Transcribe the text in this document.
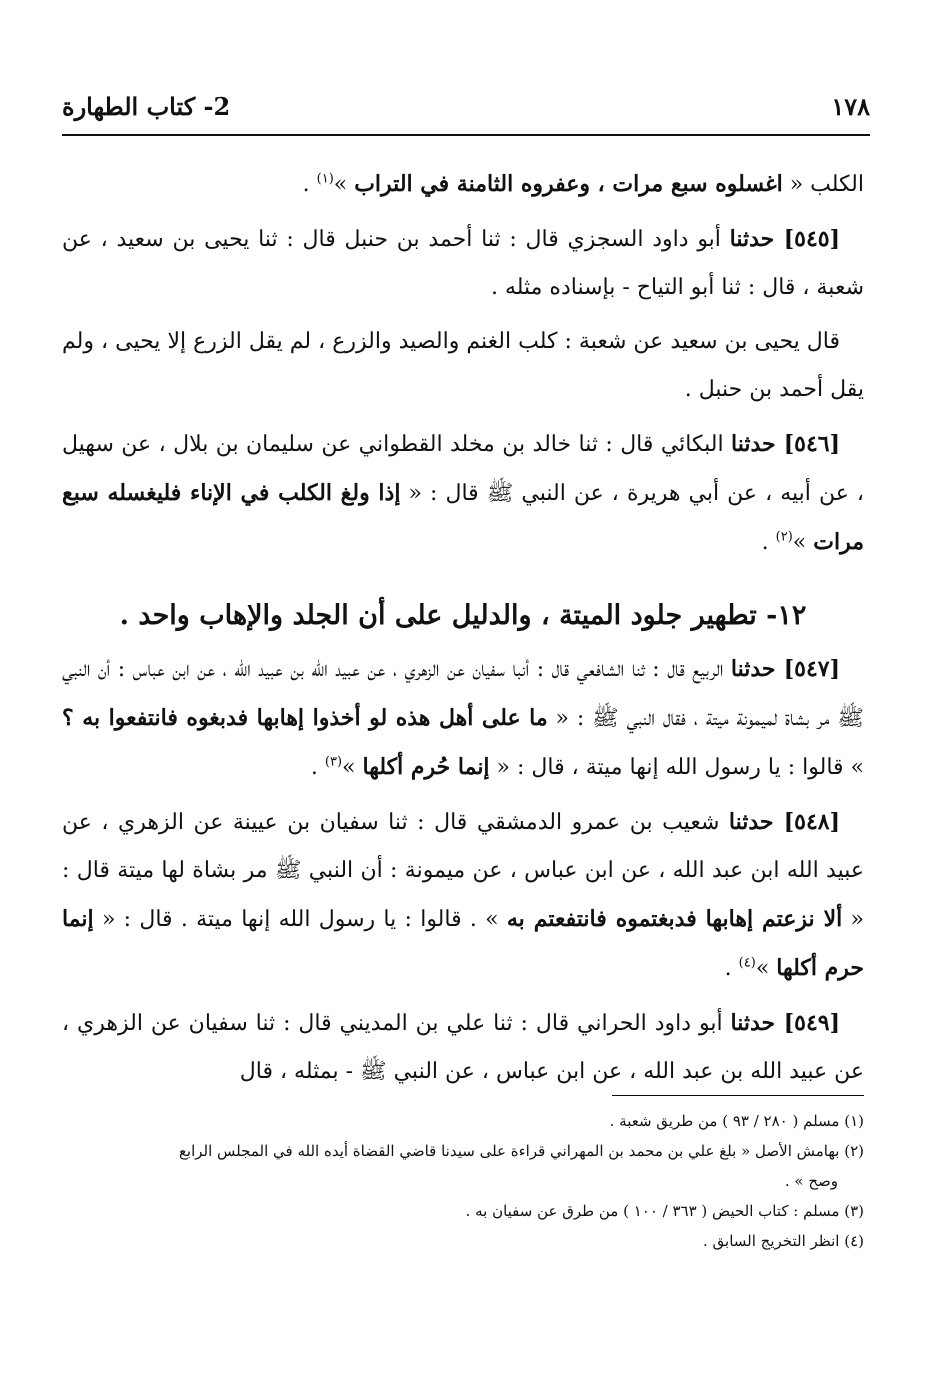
١٧٨
2- كتاب الطهارة

الكلب « اغسلوه سبع مرات ، وعفروه الثامنة في التراب »$^{(١)}$ .

[٥٤٥] حدثنا أبو داود السجزي قال : ثنا أحمد بن حنبل قال : ثنا يحيى بن سعيد ، عن شعبة ، قال : ثنا أبو التياح - بإسناده مثله .

قال يحيى بن سعيد عن شعبة : كلب الغنم والصيد والزرع ، لم يقل الزرع إلا يحيى ، ولم يقل أحمد بن حنبل .

[٥٤٦] حدثنا البكائي قال : ثنا خالد بن مخلد القطواني عن سليمان بن بلال ، عن سهيل ، عن أبيه ، عن أبي هريرة ، عن النبي ﷺ قال : « إذا ولغ الكلب في الإناء فليغسله سبع مرات »$^{(٢)}$ .

١٢- تطهير جلود الميتة ، والدليل على أن الجلد والإهاب واحد .

[٥٤٧] حدثنا الربيع قال : ثنا الشافعي قال : أنبا سفيان عن الزهري ، عن عبيد الله بن عبيد الله ، عن ابن عباس : أن النبي ﷺ مر بشاة لميمونة ميتة ، فقال النبي ﷺ : « ما على أهل هذه لو أخذوا إهابها فدبغوه فانتفعوا به ؟ » قالوا : يا رسول الله إنها ميتة ، قال : « إنما حُرم أكلها »$^{(٣)}$ .

[٥٤٨] حدثنا شعيب بن عمرو الدمشقي قال : ثنا سفيان بن عيينة عن الزهري ، عن عبيد الله ابن عبد الله ، عن ابن عباس ، عن ميمونة : أن النبي ﷺ مر بشاة لها ميتة قال : « ألا نزعتم إهابها فدبغتموه فانتفعتم به » . قالوا : يا رسول الله إنها ميتة . قال : « إنما حرم أكلها »$^{(٤)}$ .

[٥٤٩] حدثنا أبو داود الحراني قال : ثنا علي بن المديني قال : ثنا سفيان عن الزهري ، عن عبيد الله بن عبد الله ، عن ابن عباس ، عن النبي ﷺ - بمثله ، قال

(١) مسلم ( ٢٨٠ / ٩٣ ) من طريق شعبة .

(٢) بهامش الأصل « بلغ علي بن محمد بن المهراني قراءة على سيدنا قاضي القضاة أيده الله في المجلس الرابع

وصح » .

(٣) مسلم : كتاب الحيض ( ٣٦٣ / ١٠٠ ) من طرق عن سفيان به .

(٤) انظر التخريج السابق .
